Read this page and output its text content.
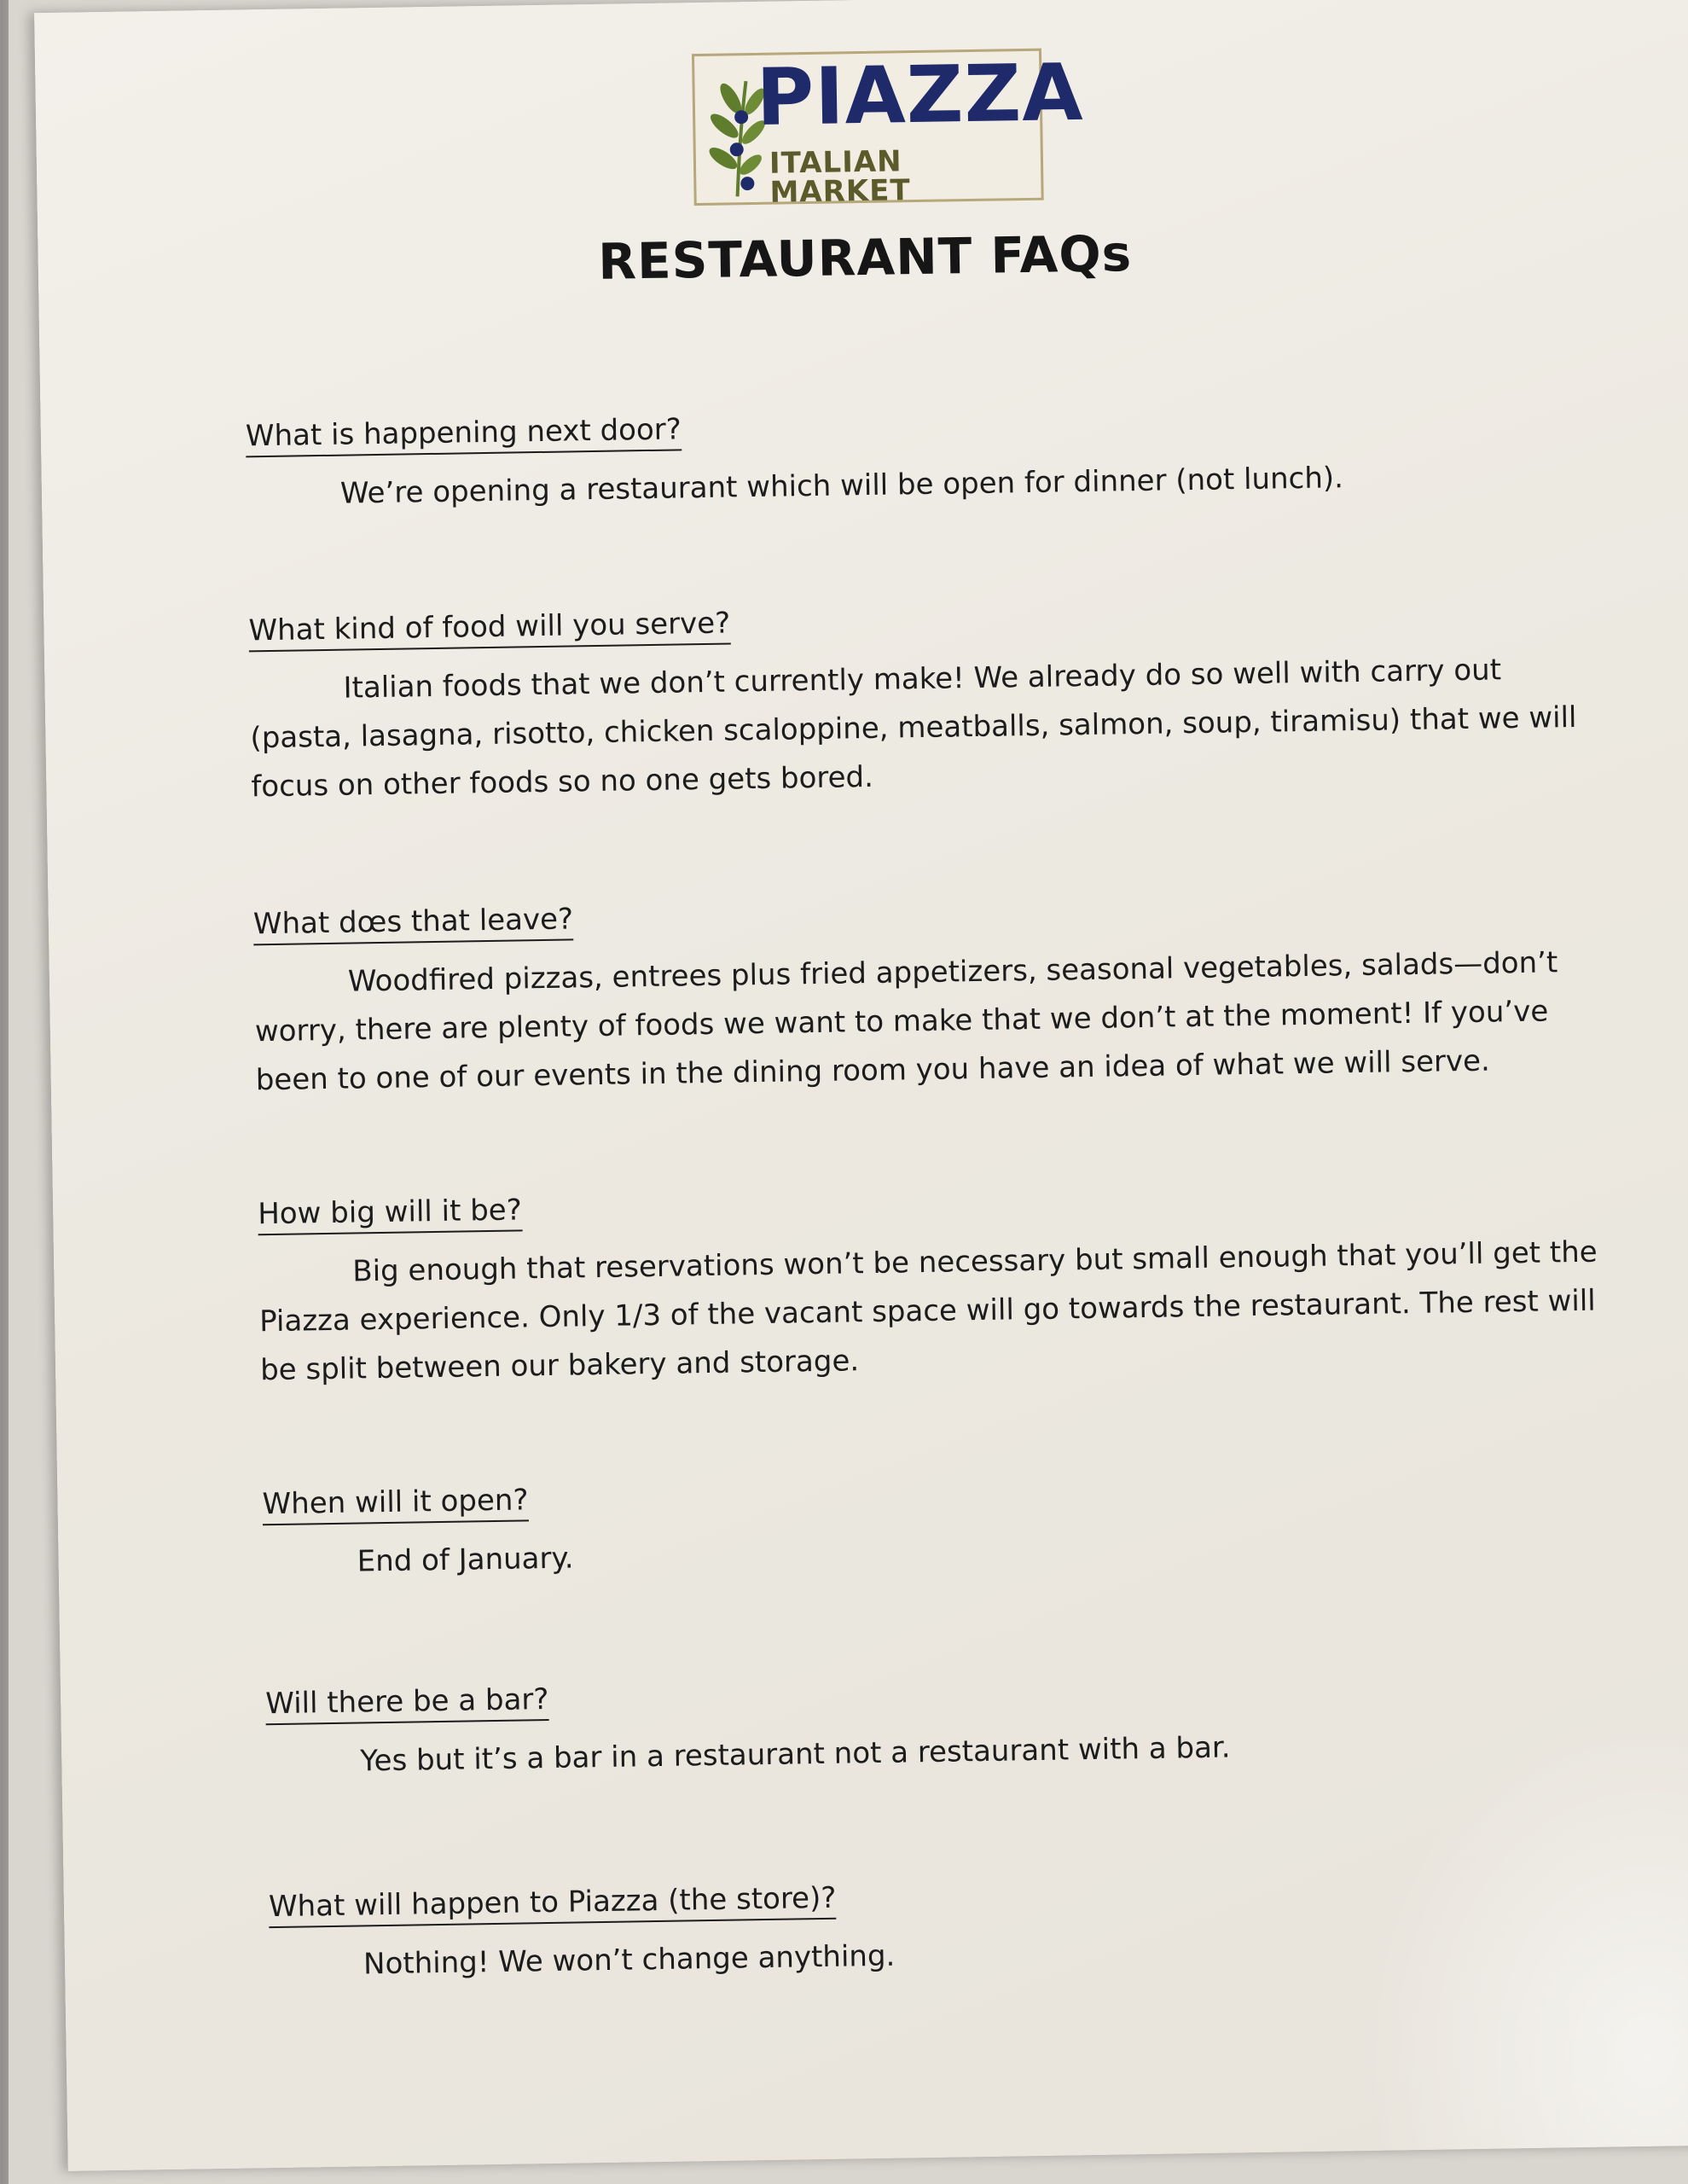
PIAZZA
ITALIAN MARKET
RESTAURANT FAQs
What is happening next door?
We’re opening a restaurant which will be open for dinner (not lunch).
What kind of food will you serve?
Italian foods that we don’t currently make! We already do so well with carry out (pasta, lasagna, risotto, chicken scaloppine, meatballs, salmon, soup, tiramisu) that we will focus on other foods so no one gets bored.
What dœs that leave?
Woodfired pizzas, entrees plus fried appetizers, seasonal vegetables, salads—don’t worry, there are plenty of foods we want to make that we don’t at the moment! If you’ve been to one of our events in the dining room you have an idea of what we will serve.
How big will it be?
Big enough that reservations won’t be necessary but small enough that you’ll get the Piazza experience. Only 1/3 of the vacant space will go towards the restaurant. The rest will be split between our bakery and storage.
When will it open?
End of January.
Will there be a bar?
Yes but it’s a bar in a restaurant not a restaurant with a bar.
What will happen to Piazza (the store)?
Nothing! We won’t change anything.
